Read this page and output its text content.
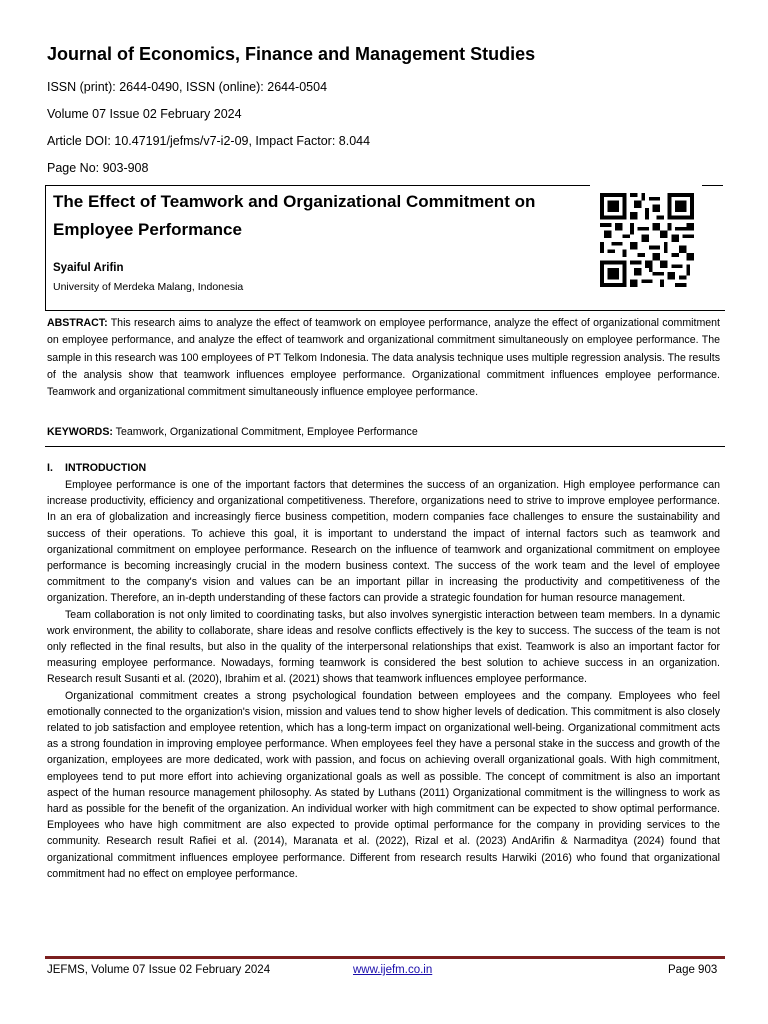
Journal of Economics, Finance and Management Studies
ISSN (print): 2644-0490, ISSN (online): 2644-0504
Volume 07 Issue 02 February 2024
Article DOI: 10.47191/jefms/v7-i2-09, Impact Factor: 8.044
Page No: 903-908
The Effect of Teamwork and Organizational Commitment on Employee Performance
Syaiful Arifin
University of Merdeka Malang, Indonesia
ABSTRACT: This research aims to analyze the effect of teamwork on employee performance, analyze the effect of organizational commitment on employee performance, and analyze the effect of teamwork and organizational commitment simultaneously on employee performance. The sample in this research was 100 employees of PT Telkom Indonesia. The data analysis technique uses multiple regression analysis. The results of the analysis show that teamwork influences employee performance. Organizational commitment influences employee performance. Teamwork and organizational commitment simultaneously influence employee performance.
KEYWORDS: Teamwork, Organizational Commitment, Employee Performance
I. INTRODUCTION

Employee performance is one of the important factors that determines the success of an organization. High employee performance can increase productivity, efficiency and organizational competitiveness. Therefore, organizations need to strive to improve employee performance. In an era of globalization and increasingly fierce business competition, modern companies face challenges to ensure the sustainability and success of their operations. To achieve this goal, it is important to understand the impact of internal factors such as teamwork and organizational commitment on employee performance. Research on the influence of teamwork and organizational commitment on employee performance is becoming increasingly crucial in the modern business context. The success of the work team and the level of employee commitment to the company's vision and values can be an important pillar in increasing the productivity and competitiveness of the organization. Therefore, an in-depth understanding of these factors can provide a strategic foundation for human resource management.

Team collaboration is not only limited to coordinating tasks, but also involves synergistic interaction between team members. In a dynamic work environment, the ability to collaborate, share ideas and resolve conflicts effectively is the key to success. The success of the team is not only reflected in the final results, but also in the quality of the interpersonal relationships that exist. Teamwork is also an important factor for measuring employee performance. Nowadays, forming teamwork is considered the best solution to achieve success in an organization. Research result Susanti et al. (2020), Ibrahim et al. (2021) shows that teamwork influences employee performance.

Organizational commitment creates a strong psychological foundation between employees and the company. Employees who feel emotionally connected to the organization's vision, mission and values tend to show higher levels of dedication. This commitment is also closely related to job satisfaction and employee retention, which has a long-term impact on organizational well-being. Organizational commitment acts as a strong foundation in improving employee performance. When employees feel they have a personal stake in the success and growth of the organization, employees are more dedicated, work with passion, and focus on achieving overall organizational goals. With high commitment, employees tend to put more effort into achieving organizational goals as well as possible. The concept of commitment is also an important aspect of the human resource management philosophy. As stated by Luthans (2011) Organizational commitment is the willingness to work as hard as possible for the benefit of the organization. An individual worker with high commitment can be expected to show optimal performance. Employees who have high commitment are also expected to provide optimal performance for the company in providing services to the community. Research result Rafiei et al. (2014), Maranata et al. (2022), Rizal et al. (2023) AndArifin & Narmaditya (2024) found that organizational commitment influences employee performance. Different from research results Harwiki (2016) who found that organizational commitment had no effect on employee performance.

JEFMS, Volume 07 Issue 02 February 2024	www.ijefm.co.in	Page 903
